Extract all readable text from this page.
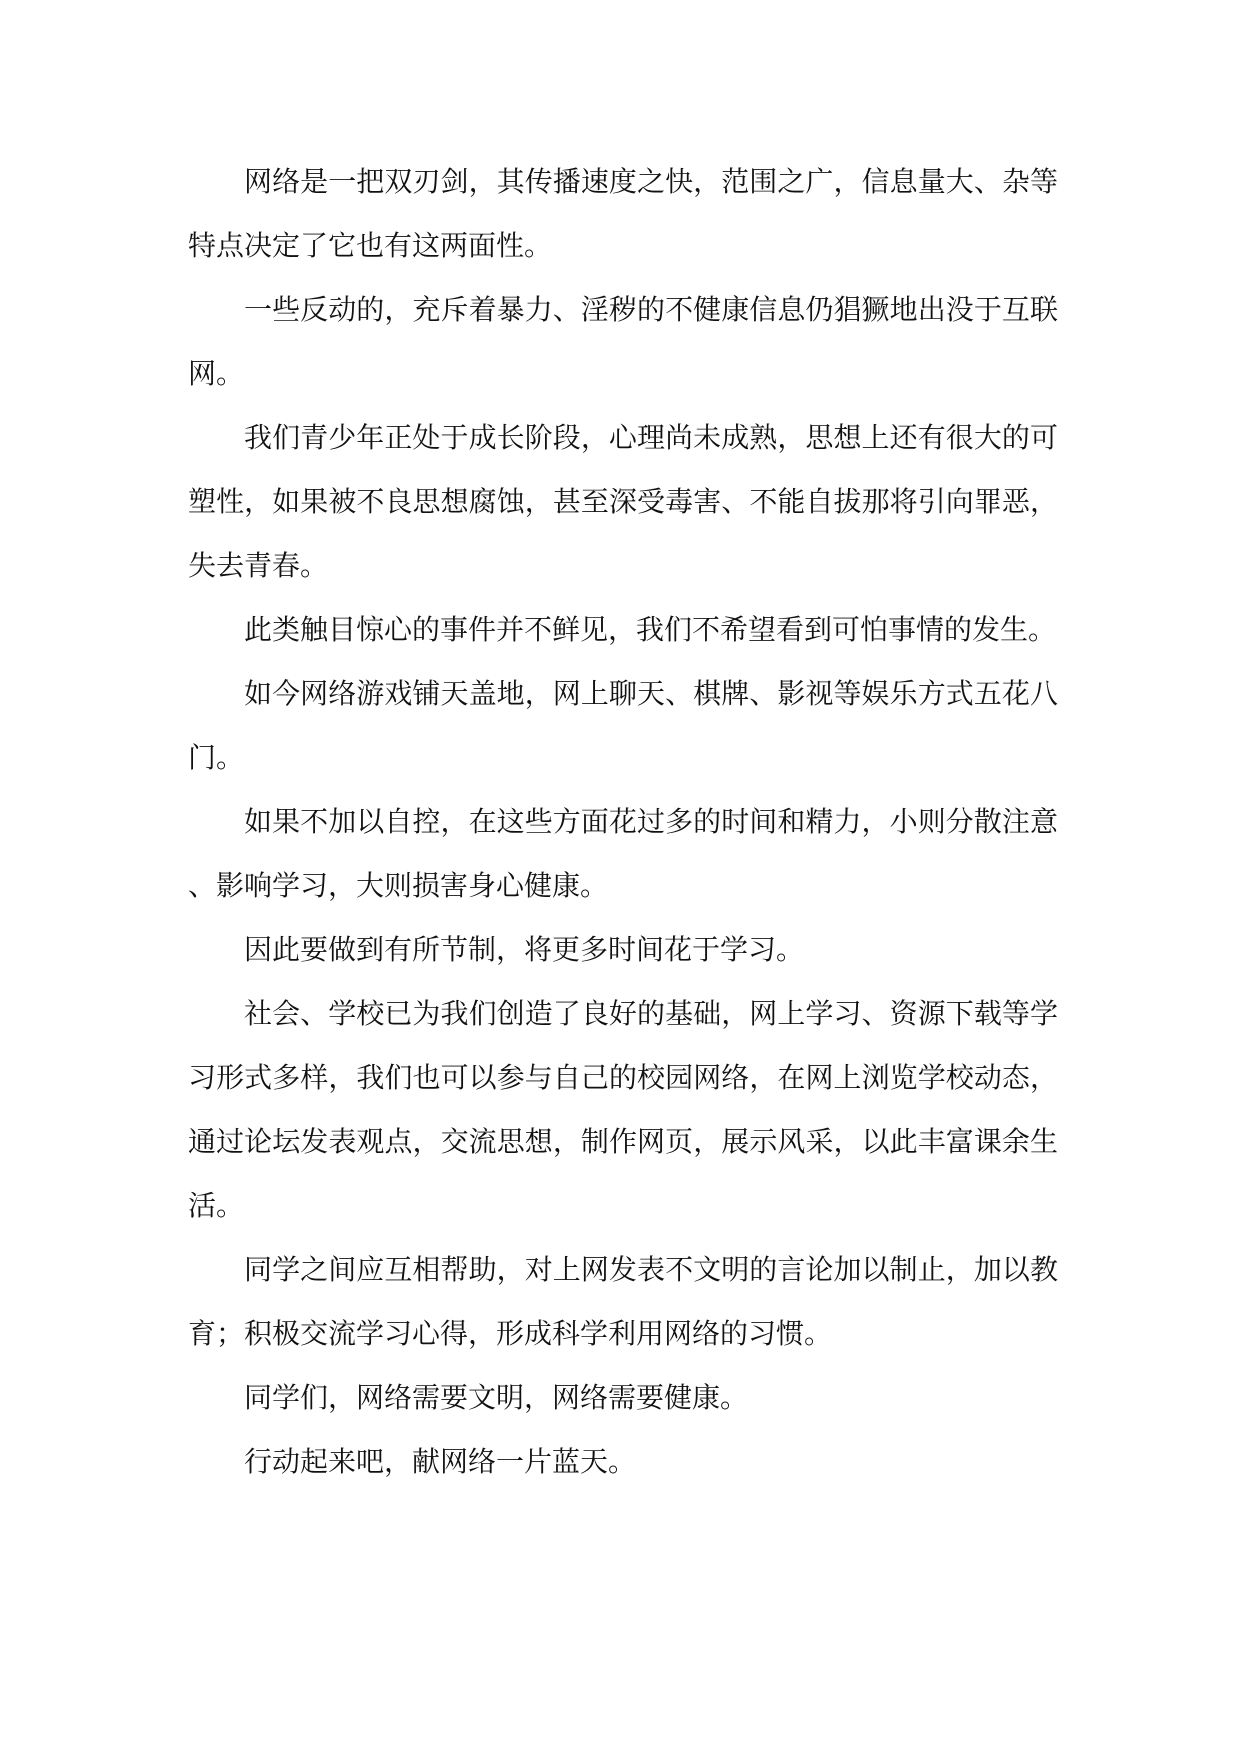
网络是一把双刃剑，其传播速度之快，范围之广，信息量大、杂等特点决定了它也有这两面性。

一些反动的，充斥着暴力、淫秽的不健康信息仍猖獗地出没于互联网。

我们青少年正处于成长阶段，心理尚未成熟，思想上还有很大的可塑性，如果被不良思想腐蚀，甚至深受毒害、不能自拔那将引向罪恶，失去青春。

此类触目惊心的事件并不鲜见，我们不希望看到可怕事情的发生。

如今网络游戏铺天盖地，网上聊天、棋牌、影视等娱乐方式五花八门。

如果不加以自控，在这些方面花过多的时间和精力，小则分散注意、影响学习，大则损害身心健康。

因此要做到有所节制，将更多时间花于学习。

社会、学校已为我们创造了良好的基础，网上学习、资源下载等学习形式多样，我们也可以参与自己的校园网络，在网上浏览学校动态，通过论坛发表观点，交流思想，制作网页，展示风采，以此丰富课余生活。

同学之间应互相帮助，对上网发表不文明的言论加以制止，加以教育；积极交流学习心得，形成科学利用网络的习惯。

同学们，网络需要文明，网络需要健康。

行动起来吧，献网络一片蓝天。
